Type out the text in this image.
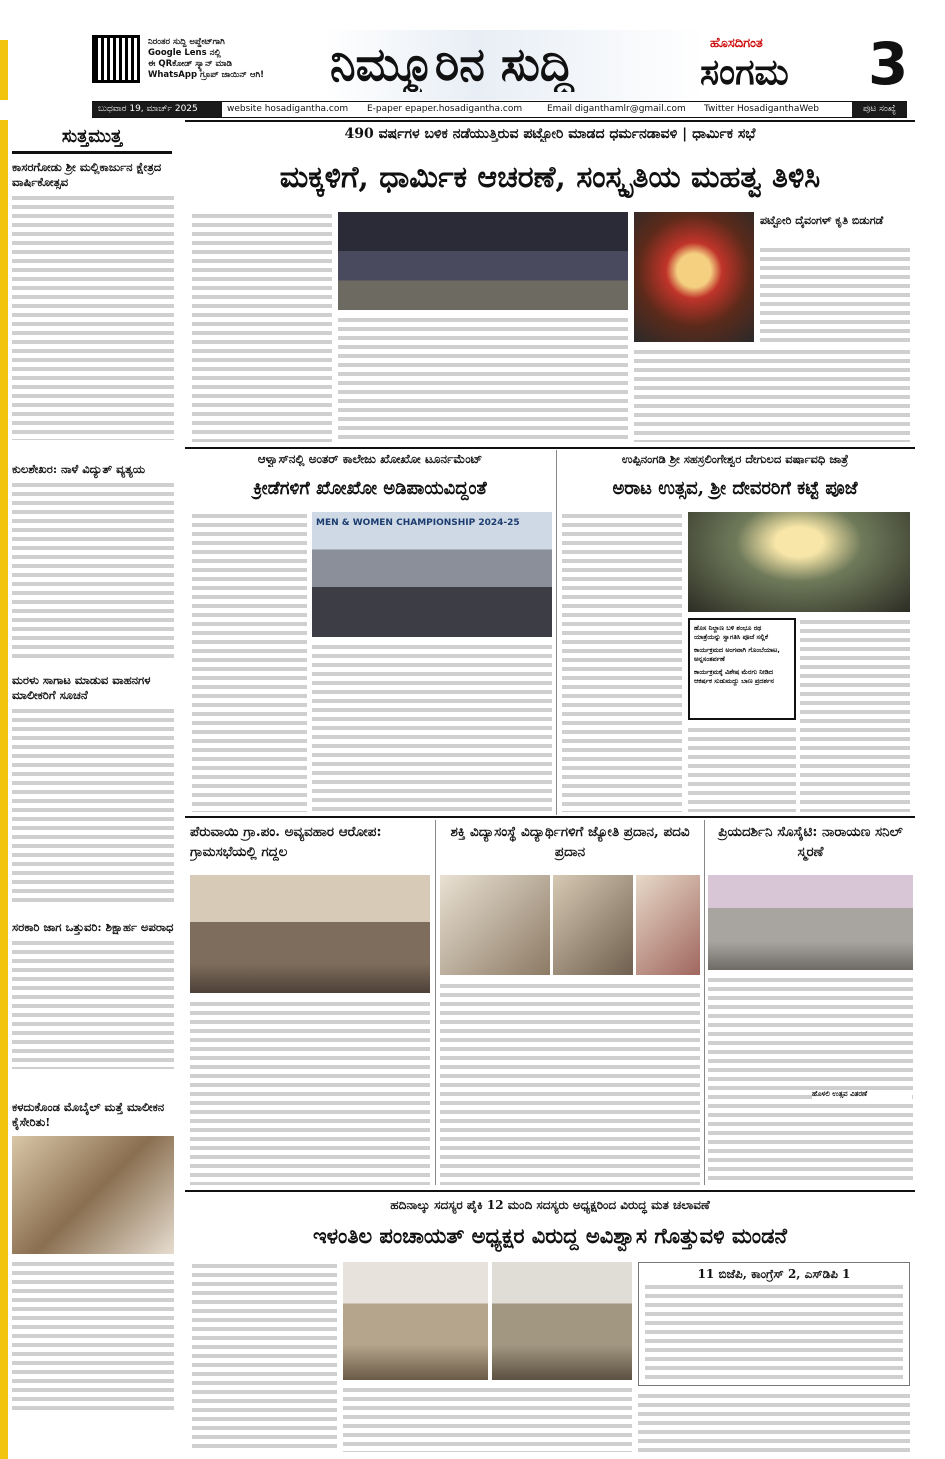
ನಿರಂತರ ಸುದ್ದಿ ಅಪ್ಡೇಟ್‌ಗಾಗಿ
Google Lens ನಲ್ಲಿ
ಈ QRಕೋಡ್ ಸ್ಕ್ಯಾನ್ ಮಾಡಿ
WhatsApp ಗ್ರೂಪ್ ಜಾಯಿನ್ ಆಗಿ!	ನಿಮ್ಮೂರಿನ ಸುದ್ದಿ	ಹೊಸದಿಗಂತ
ಸಂಗಮ	3
ಬುಧವಾರ 19, ಮಾರ್ಚ್ 2025	website hosadigantha.com E-paper epaper.hosadigantha.com	Email diganthamlr@gmail.com Twitter HosadiganthaWeb	ಪುಟ ಸಂಖ್ಯೆ
ಸುತ್ತಮುತ್ತ
ಕಾಸರಗೋಡು ಶ್ರೀ ಮಲ್ಲಿಕಾರ್ಜುನ ಕ್ಷೇತ್ರದ ವಾರ್ಷಿಕೋತ್ಸವ
ಕುಲಶೇಖರ: ನಾಳೆ ವಿದ್ಯುತ್ ವ್ಯತ್ಯಯ
ಮರಳು ಸಾಗಾಟ ಮಾಡುವ ವಾಹನಗಳ ಮಾಲೀಕರಿಗೆ ಸೂಚನೆ
ಸರಕಾರಿ ಜಾಗ ಒತ್ತುವರಿ: ಶಿಕ್ಷಾರ್ಹ ಅಪರಾಧ
ಕಳದುಕೊಂಡ ಮೊಬೈಲ್ ಮತ್ತೆ ಮಾಲೀಕನ ಕೈಸೇರಿತು!
490 ವರ್ಷಗಳ ಬಳಿಕ ನಡೆಯುತ್ತಿರುವ ಪಟ್ಟೋರಿ ಮಾಡದ ಧರ್ಮನಡಾವಳಿ | ಧಾರ್ಮಿಕ ಸಭೆ
ಮಕ್ಕಳಿಗೆ, ಧಾರ್ಮಿಕ ಆಚರಣೆ, ಸಂಸ್ಕೃತಿಯ ಮಹತ್ವ ತಿಳಿಸಿ
ಪಟ್ಟೋರಿ ದೈವಂಗಳ್‌ ಕೃತಿ ಬಿಡುಗಡೆ
ಆಳ್ವಾಸ್‌ನಲ್ಲಿ ಅಂತರ್ ಕಾಲೇಜು ಖೋಖೋ ಟೂರ್ನಮೆಂಟ್
ಕ್ರೀಡೆಗಳಿಗೆ ಖೋಖೋ ಅಡಿಪಾಯವಿದ್ದಂತೆ
MEN & WOMEN CHAMPIONSHIP 2024-25
ಉಪ್ಪಿನಂಗಡಿ ಶ್ರೀ ಸಹಸ್ರಲಿಂಗೇಶ್ವರ ದೇಗುಲದ ವರ್ಷಾವಧಿ ಜಾತ್ರೆ
ಅರಾಟ ಉತ್ಸವ, ಶ್ರೀ ದೇವರರಿಗೆ ಕಟ್ಟೆ ಪೂಜೆ
ಹೊಸ ನಿಲ್ದಾಣ ಬಳಿ ಶಂಭೂ ರಥ ಯಾತ್ರೆಯನ್ನು ಸ್ವಾಗತಿಸಿ ಪೂಜೆ ಸಲ್ಲಿಕೆ
ಕಾರ್ಯಕ್ರಮದ ಅಂಗವಾಗಿ ಗೊಂಬೆಯಾಟ, ಅನ್ನಸಂತರ್ಪಣೆ
ಕಾರ್ಯಕ್ರಮಕ್ಕೆ ವಿಶೇಷ ಮೆರಗು ನೀಡಿದ ಆಕರ್ಷಕ ಸುಡುಮದ್ದು ಬಾಣ ಪ್ರದರ್ಶನ
ಪೆರುವಾಯಿ ಗ್ರಾ.ಪಂ. ಅವ್ಯವಹಾರ ಆರೋಪ: ಗ್ರಾಮಸಭೆಯಲ್ಲಿ ಗದ್ದಲ
ಶಕ್ತಿ ವಿದ್ಯಾಸಂಸ್ಥೆ ವಿದ್ಯಾರ್ಥಿಗಳಿಗೆ ಜ್ಯೋತಿ ಪ್ರದಾನ, ಪದವಿ ಪ್ರದಾನ
ಪ್ರಿಯದರ್ಶಿನಿ ಸೊಸೈಟಿ: ನಾರಾಯಣ ಸನಿಲ್ ಸ್ಮರಣೆ
ಹೊಳಲಿ ಉತ್ಸವ ವಿತರಣೆ
ಹದಿನಾಲ್ಕು ಸದಸ್ಯರ ಪೈಕಿ 12 ಮಂದಿ ಸದಸ್ಯರು ಅಧ್ಯಕ್ಷರಿಂದ ವಿರುದ್ಧ ಮತ ಚಲಾವಣೆ
ಇಳಂತಿಲ ಪಂಚಾಯತ್ ಅಧ್ಯಕ್ಷರ ವಿರುದ್ದ ಅವಿಶ್ವಾಸ ಗೊತ್ತುವಳಿ ಮಂಡನೆ
11 ಬಿಜೆಪಿ, ಕಾಂಗ್ರೆಸ್ 2, ಎಸ್‌ಡಿಪಿ 1
